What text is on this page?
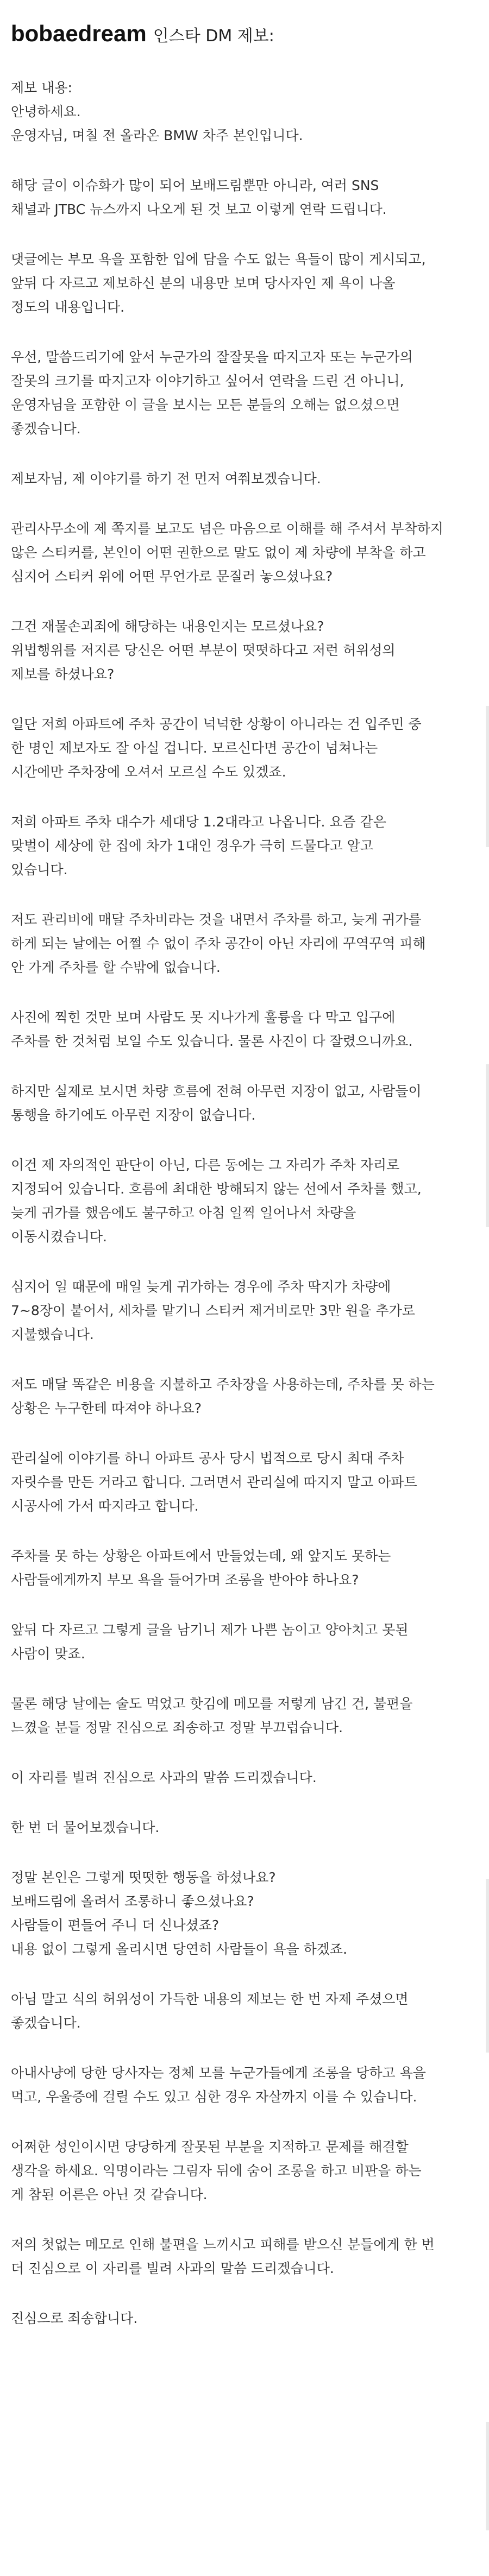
bobaedream 인스타 DM 제보:
제보 내용:
안녕하세요.
운영자님, 며칠 전 올라온 BMW 차주 본인입니다.
해당 글이 이슈화가 많이 되어 보배드림뿐만 아니라, 여러 SNS
채널과 JTBC 뉴스까지 나오게 된 것 보고 이렇게 연락 드립니다.
댓글에는 부모 욕을 포함한 입에 담을 수도 없는 욕들이 많이 게시되고,
앞뒤 다 자르고 제보하신 분의 내용만 보며 당사자인 제 욕이 나올
정도의 내용입니다.
우선, 말씀드리기에 앞서 누군가의 잘잘못을 따지고자 또는 누군가의
잘못의 크기를 따지고자 이야기하고 싶어서 연락을 드린 건 아니니,
운영자님을 포함한 이 글을 보시는 모든 분들의 오해는 없으셨으면
좋겠습니다.
제보자님, 제 이야기를 하기 전 먼저 여쭤보겠습니다.
관리사무소에 제 쪽지를 보고도 넘은 마음으로 이해를 해 주셔서 부착하지
않은 스티커를, 본인이 어떤 권한으로 말도 없이 제 차량에 부착을 하고
심지어 스티커 위에 어떤 무언가로 문질러 놓으셨나요?
그건 재물손괴죄에 해당하는 내용인지는 모르셨나요?
위법행위를 저지른 당신은 어떤 부분이 떳떳하다고 저런 허위성의
제보를 하셨나요?
일단 저희 아파트에 주차 공간이 넉넉한 상황이 아니라는 건 입주민 중
한 명인 제보자도 잘 아실 겁니다. 모르신다면 공간이 넘쳐나는
시간에만 주차장에 오셔서 모르실 수도 있겠죠.
저희 아파트 주차 대수가 세대당 1.2대라고 나옵니다. 요즘 같은
맞벌이 세상에 한 집에 차가 1대인 경우가 극히 드물다고 알고
있습니다.
저도 관리비에 매달 주차비라는 것을 내면서 주차를 하고, 늦게 귀가를
하게 되는 날에는 어쩔 수 없이 주차 공간이 아닌 자리에 꾸역꾸역 피해
안 가게 주차를 할 수밖에 없습니다.
사진에 찍힌 것만 보며 사람도 못 지나가게 훌륭을 다 막고 입구에
주차를 한 것처럼 보일 수도 있습니다. 물론 사진이 다 잘렸으니까요.
하지만 실제로 보시면 차량 흐름에 전혀 아무런 지장이 없고, 사람들이
통행을 하기에도 아무런 지장이 없습니다.
이건 제 자의적인 판단이 아닌, 다른 동에는 그 자리가 주차 자리로
지정되어 있습니다. 흐름에 최대한 방해되지 않는 선에서 주차를 했고,
늦게 귀가를 했음에도 불구하고 아침 일찍 일어나서 차량을
이동시켰습니다.
심지어 일 때문에 매일 늦게 귀가하는 경우에 주차 딱지가 차량에
7~8장이 붙어서, 세차를 맡기니 스티커 제거비로만 3만 원을 추가로
지불했습니다.
저도 매달 똑같은 비용을 지불하고 주차장을 사용하는데, 주차를 못 하는
상황은 누구한테 따져야 하나요?
관리실에 이야기를 하니 아파트 공사 당시 법적으로 당시 최대 주차
자릿수를 만든 거라고 합니다. 그러면서 관리실에 따지지 말고 아파트
시공사에 가서 따지라고 합니다.
주차를 못 하는 상황은 아파트에서 만들었는데, 왜 앞지도 못하는
사람들에게까지 부모 욕을 들어가며 조롱을 받아야 하나요?
앞뒤 다 자르고 그렇게 글을 남기니 제가 나쁜 놈이고 양아치고 못된
사람이 맞죠.
물론 해당 날에는 술도 먹었고 핫김에 메모를 저렇게 남긴 건, 불편을
느꼈을 분들 정말 진심으로 죄송하고 정말 부끄럽습니다.
이 자리를 빌려 진심으로 사과의 말씀 드리겠습니다.
한 번 더 물어보겠습니다.
정말 본인은 그렇게 떳떳한 행동을 하셨나요?
보배드림에 올려서 조롱하니 좋으셨나요?
사람들이 편들어 주니 더 신나셨죠?
내용 없이 그렇게 올리시면 당연히 사람들이 욕을 하겠죠.
아님 말고 식의 허위성이 가득한 내용의 제보는 한 번 자제 주셨으면
좋겠습니다.
아내사냥에 당한 당사자는 정체 모를 누군가들에게 조롱을 당하고 욕을
먹고, 우울증에 걸릴 수도 있고 심한 경우 자살까지 이를 수 있습니다.
어쩌한 성인이시면 당당하게 잘못된 부분을 지적하고 문제를 해결할
생각을 하세요. 익명이라는 그림자 뒤에 숨어 조롱을 하고 비판을 하는
게 참된 어른은 아닌 것 같습니다.
저의 첫없는 메모로 인해 불편을 느끼시고 피해를 받으신 분들에게 한 번
더 진심으로 이 자리를 빌려 사과의 말씀 드리겠습니다.
진심으로 죄송합니다.
